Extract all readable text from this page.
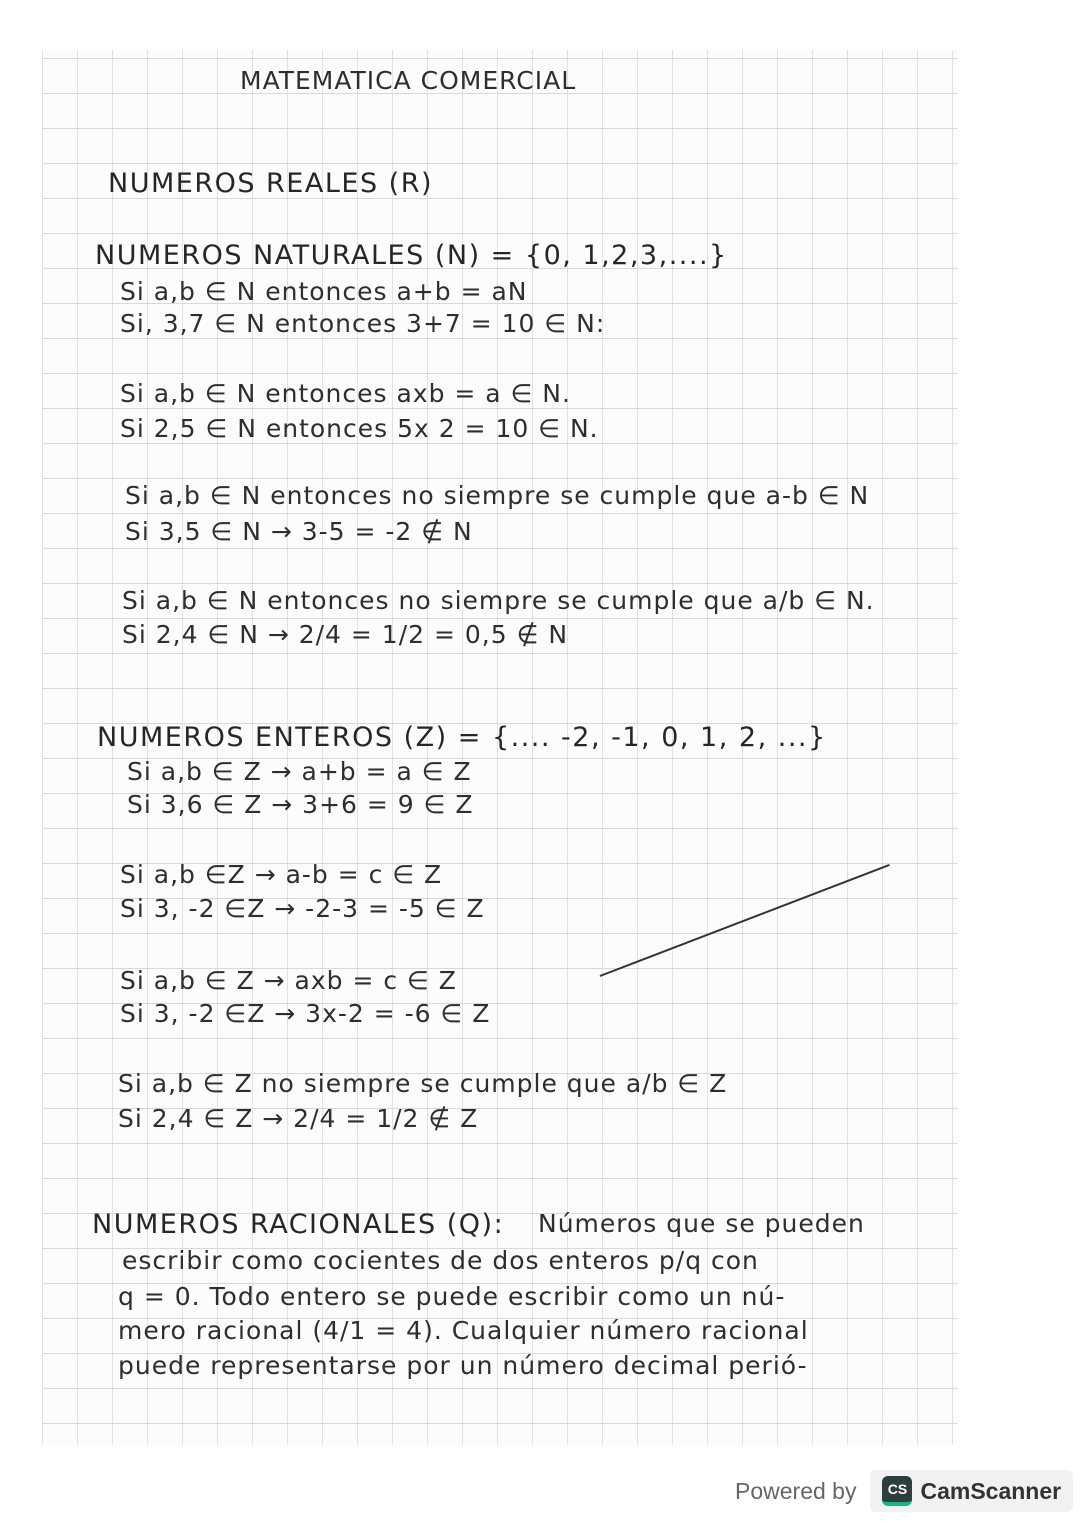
MATEMATICA COMERCIAL
NUMEROS REALES (R)
NUMEROS NATURALES (N) = {0, 1,2,3,....}
Si a,b ∈ N entonces a+b = aN
Si, 3,7 ∈ N entonces 3+7 = 10 ∈ N:
Si a,b ∈ N entonces axb = a ∈ N.
Si 2,5 ∈ N entonces 5x 2 = 10 ∈ N.
Si a,b ∈ N entonces no siempre se cumple que a-b ∈ N
Si 3,5 ∈ N → 3-5 = -2 ∉ N
Si a,b ∈ N entonces no siempre se cumple que a/b ∈ N.
Si 2,4 ∈ N → 2/4 = 1/2 = 0,5 ∉ N
NUMEROS ENTEROS (Z) = {.... -2, -1, 0, 1, 2, ...}
Si a,b ∈ Z → a+b = a ∈ Z
Si 3,6 ∈ Z → 3+6 = 9 ∈ Z
Si a,b ∈Z → a-b = c ∈ Z
Si 3, -2 ∈Z → -2-3 = -5 ∈ Z
Si a,b ∈ Z → axb = c ∈ Z
Si 3, -2 ∈Z → 3x-2 = -6 ∈ Z
Si a,b ∈ Z no siempre se cumple que a/b ∈ Z
Si 2,4 ∈ Z → 2/4 = 1/2 ∉ Z
NUMEROS RACIONALES (Q): Números que se pueden
escribir como cocientes de dos enteros p/q con
q = 0. Todo entero se puede escribir como un nú-
mero racional (4/1 = 4). Cualquier número racional
puede representarse por un número decimal perió-
Powered by	CS CamScanner
